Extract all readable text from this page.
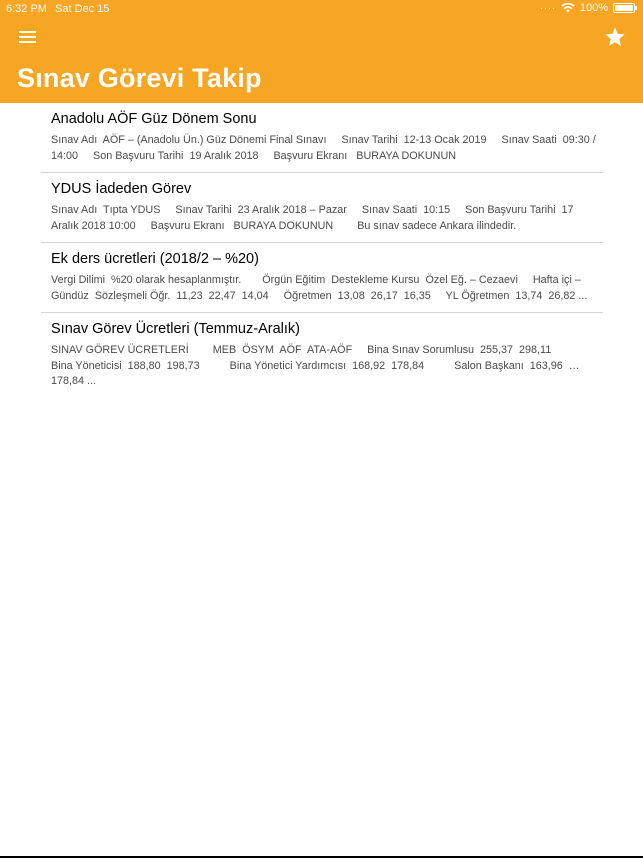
6:32 PM Sat Dec 15	···· 100%
Sınav Görevi Takip
Anadolu AÖF Güz Dönem Sonu
Sınav Adı  AÖF – (Anadolu Ün.) Güz Dönemi Final Sınavı     Sınav Tarihi  12-13 Ocak 2019     Sınav Saati  09:30 / 14:00     Son Başvuru Tarihi  19 Aralık 2018     Başvuru Ekranı   BURAYA DOKUNUN
YDUS İadeden Görev
Sınav Adı  Tıpta YDUS     Sınav Tarihi  23 Aralık 2018 – Pazar     Sınav Saati  10:15     Son Başvuru Tarihi  17 Aralık 2018 10:00     Başvuru Ekranı   BURAYA DOKUNUN        Bu sınav sadece Ankara ilindedir.
Ek ders ücretleri (2018/2 – %20)
Vergi Dilimi  %20 olarak hesaplanmıştır.       Örgün Eğitim  Destekleme Kursu  Özel Eğ. – Cezaevi     Hafta içi – Gündüz  Sözleşmeli Öğr.  11,23  22,47  14,04     Öğretmen  13,08  26,17  16,35     YL Öğretmen  13,74  26,82 ...
Sınav Görev Ücretleri (Temmuz-Aralık)
SINAV GÖREV ÜCRETLERİ        MEB  ÖSYM  AÖF  ATA-AÖF     Bina Sınav Sorumlusu  255,37  298,11          Bina Yöneticisi  188,80  198,73          Bina Yönetici Yardımcısı  168,92  178,84          Salon Başkanı  163,96  178,84 ...
